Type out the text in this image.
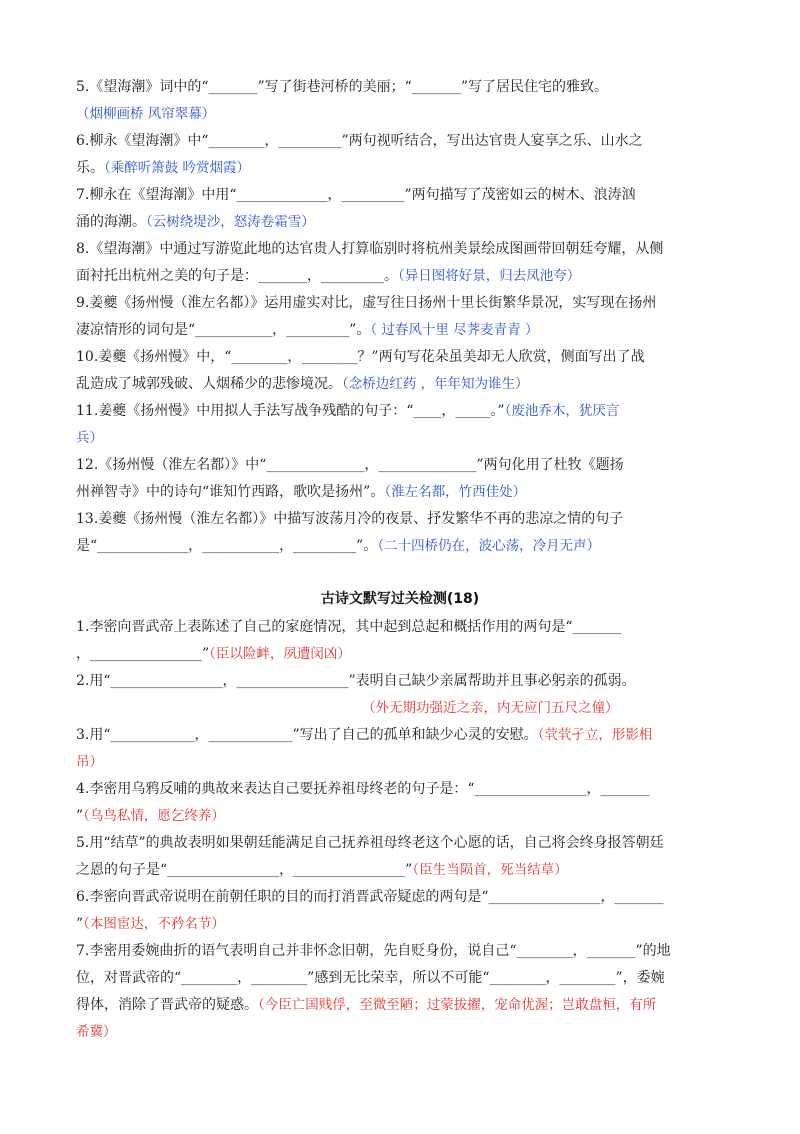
5.《望海潮》词中的“_______”写了街巷河桥的美丽；“_______”写了居民住宅的雅致。
（烟柳画桥 风帘翠幕）
6.柳永《望海潮》中“________，_________”两句视听结合，写出达官贵人宴享之乐、山水之
乐。（乘醉听箫鼓 吟赏烟霞）
7.柳永在《望海潮》中用“_____________，_________”两句描写了茂密如云的树木、浪涛汹
涌的海潮。（云树绕堤沙，怒涛卷霜雪）
8.《望海潮》中通过写游览此地的达官贵人打算临别时将杭州美景绘成图画带回朝廷夸耀，从侧
面衬托出杭州之美的句子是：_______，_________。（异日图将好景，归去凤池夸）
9.姜夔《扬州慢（淮左名都）》运用虚实对比，虚写往日扬州十里长街繁华景况，实写现在扬州
凄凉情形的词句是“___________，_________”。（ 过春风十里 尽荠麦青青 ）
10.姜夔《扬州慢》中，“________，________？”两句写花朵虽美却无人欣赏，侧面写出了战
乱造成了城郭残破、人烟稀少的悲惨境况。（念桥边红药 ，年年知为谁生）
11.姜夔《扬州慢》中用拟人手法写战争残酷的句子：“____，_____。”（废池乔木，犹厌言
兵）
12.《扬州慢（淮左名都）》中“______________，______________”两句化用了杜牧《题扬
州禅智寺》中的诗句“谁知竹西路，歌吹是扬州”。（淮左名都，竹西佳处）
13.姜夔《扬州慢（淮左名都）》中描写波荡月冷的夜景、抒发繁华不再的悲凉之情的句子
是“_____________，___________，_________”。（二十四桥仍在，波心荡，冷月无声）
古诗文默写过关检测(18)
1.李密向晋武帝上表陈述了自己的家庭情况，其中起到总起和概括作用的两句是“_______
，________________”（臣以险衅，夙遭闵凶）
2.用“________________，________________”表明自己缺少亲属帮助并且事必躬亲的孤弱。
（外无期功强近之亲，内无应门五尺之僮）
3.用“____________，____________”写出了自己的孤单和缺少心灵的安慰。（茕茕孑立，形影相
吊）
4.李密用乌鸦反哺的典故来表达自己要抚养祖母终老的句子是：“________________，_______
”（乌鸟私情，愿乞终养）
5.用“结草”的典故表明如果朝廷能满足自己抚养祖母终老这个心愿的话，自己将会终身报答朝廷
之恩的句子是“________________，________________”（臣生当陨首，死当结草）
6.李密向晋武帝说明在前朝任职的目的而打消晋武帝疑虑的两句是“________________，_______
”（本图宦达，不矜名节）
7.李密用委婉曲折的语气表明自己并非怀念旧朝，先自贬身份，说自己“________，_______”的地
位，对晋武帝的“________，________”感到无比荣幸，所以不可能“________，________”，委婉
得体，消除了晋武帝的疑惑。（今臣亡国贱俘，至微至陋；过蒙拔擢，宠命优渥；岂敢盘桓，有所
希冀）
